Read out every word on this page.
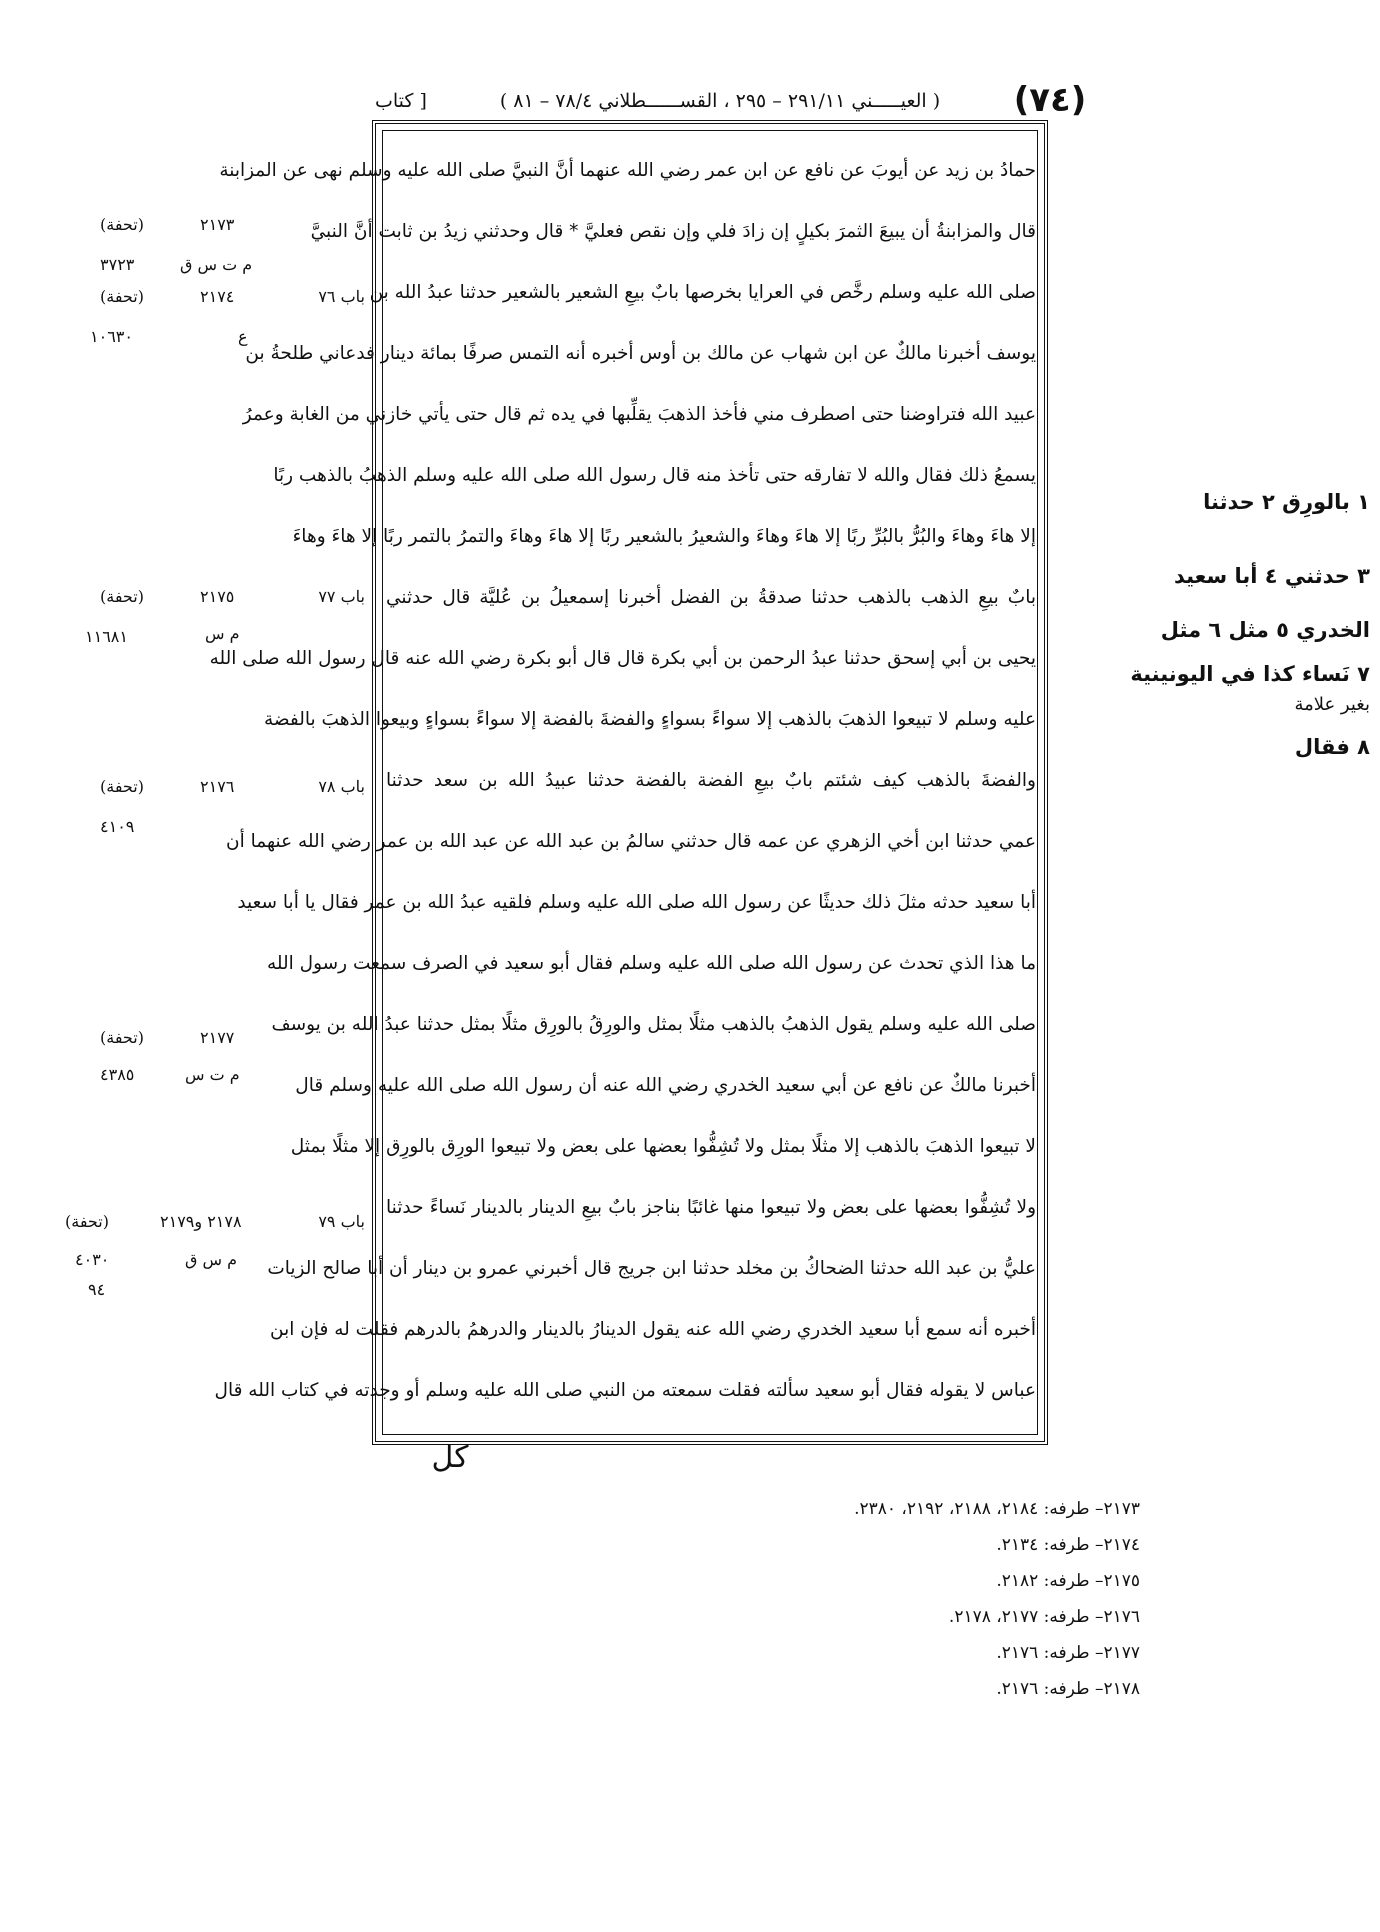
(٧٤)
( العيـــــني ٢٩١/١١ – ٢٩٥ ، القســــــطلاني ٧٨/٤ – ٨١ )
[ كتاب
حمادُ بن زيد عن أيوبَ عن نافع عن ابن عمر رضي الله عنهما أنَّ النبيَّ صلى الله عليه وسلم نهى عن المزابنة
قال والمزابنةُ أن يبيعَ الثمرَ بكيلٍ إن زادَ فلي وإن نقص فعليَّ * قال وحدثني زيدُ بن ثابت أنَّ النبيَّ
صلى الله عليه وسلم رخَّص في العرايا بخرصها بابٌ بيعِ الشعير بالشعير حدثنا عبدُ الله بن
يوسف أخبرنا مالكٌ عن ابن شهاب عن مالك بن أوس أخبره أنه التمس صرفًا بمائة دينار فدعاني طلحةُ بن
عبيد الله فتراوضنا حتى اصطرف مني فأخذ الذهبَ يقلِّبها في يده ثم قال حتى يأتي خازني من الغابة وعمرُ
يسمعُ ذلك فقال والله لا تفارقه حتى تأخذ منه قال رسول الله صلى الله عليه وسلم الذهبُ بالذهب ربًا
إلا هاءَ وهاءَ والبُرُّ بالبُرِّ ربًا إلا هاءَ وهاءَ والشعيرُ بالشعير ربًا إلا هاءَ وهاءَ والتمرُ بالتمر ربًا إلا هاءَ وهاءَ
بابٌ بيعِ الذهب بالذهب حدثنا صدقةُ بن الفضل أخبرنا إسمعيلُ بن عُليَّة قال حدثني
يحيى بن أبي إسحق حدثنا عبدُ الرحمن بن أبي بكرة قال قال أبو بكرة رضي الله عنه قال رسول الله صلى الله
عليه وسلم لا تبيعوا الذهبَ بالذهب إلا سواءً بسواءٍ والفضةَ بالفضة إلا سواءً بسواءٍ وبيعوا الذهبَ بالفضة
والفضةَ بالذهب كيف شئتم بابٌ بيعِ الفضة بالفضة حدثنا عبيدُ الله بن سعد حدثنا
عمي حدثنا ابن أخي الزهري عن عمه قال حدثني سالمُ بن عبد الله عن عبد الله بن عمر رضي الله عنهما أن
أبا سعيد حدثه مثلَ ذلك حديثًا عن رسول الله صلى الله عليه وسلم فلقيه عبدُ الله بن عمر فقال يا أبا سعيد
ما هذا الذي تحدث عن رسول الله صلى الله عليه وسلم فقال أبو سعيد في الصرف سمعت رسول الله
صلى الله عليه وسلم يقول الذهبُ بالذهب مثلًا بمثل والورِقُ بالورِق مثلًا بمثل حدثنا عبدُ الله بن يوسف
أخبرنا مالكٌ عن نافع عن أبي سعيد الخدري رضي الله عنه أن رسول الله صلى الله عليه وسلم قال
لا تبيعوا الذهبَ بالذهب إلا مثلًا بمثل ولا تُشِفُّوا بعضها على بعض ولا تبيعوا الورِق بالورِق إلا مثلًا بمثل
ولا تُشِفُّوا بعضها على بعض ولا تبيعوا منها غائبًا بناجز بابٌ بيعِ الدينار بالدينار نَساءً حدثنا
عليُّ بن عبد الله حدثنا الضحاكُ بن مخلد حدثنا ابن جريج قال أخبرني عمرو بن دينار أن أبا صالح الزيات
أخبره أنه سمع أبا سعيد الخدري رضي الله عنه يقول الدينارُ بالدينار والدرهمُ بالدرهم فقلت له فإن ابن
عباس لا يقوله فقال أبو سعيد سألته فقلت سمعته من النبي صلى الله عليه وسلم أو وجدته في كتاب الله قال
كل
٢١٧٣
(تحفة)
م ت س ق
٣٧٢٣
باب ٧٦
٢١٧٤
(تحفة)
ع
١٠٦٣٠
باب ٧٧
٢١٧٥
(تحفة)
م س
١١٦٨١
باب ٧٨
٢١٧٦
(تحفة)
٤١٠٩
٢١٧٧
(تحفة)
م ت س
٤٣٨٥
باب ٧٩
٢١٧٨ و٢١٧٩
(تحفة)
م س ق
٤٠٣٠
٩٤
١ بالورِق ٢ حدثنا
٣ حدثني ٤ أبا سعيد
الخدري ٥ مثل ٦ مثل
٧ نَساء كذا في اليونينية
بغير علامة
٨ فقال
٢١٧٣– طرفه: ٢١٨٤، ٢١٨٨، ٢١٩٢، ٢٣٨٠.
٢١٧٤– طرفه: ٢١٣٤.
٢١٧٥– طرفه: ٢١٨٢.
٢١٧٦– طرفه: ٢١٧٧، ٢١٧٨.
٢١٧٧– طرفه: ٢١٧٦.
٢١٧٨– طرفه: ٢١٧٦.
